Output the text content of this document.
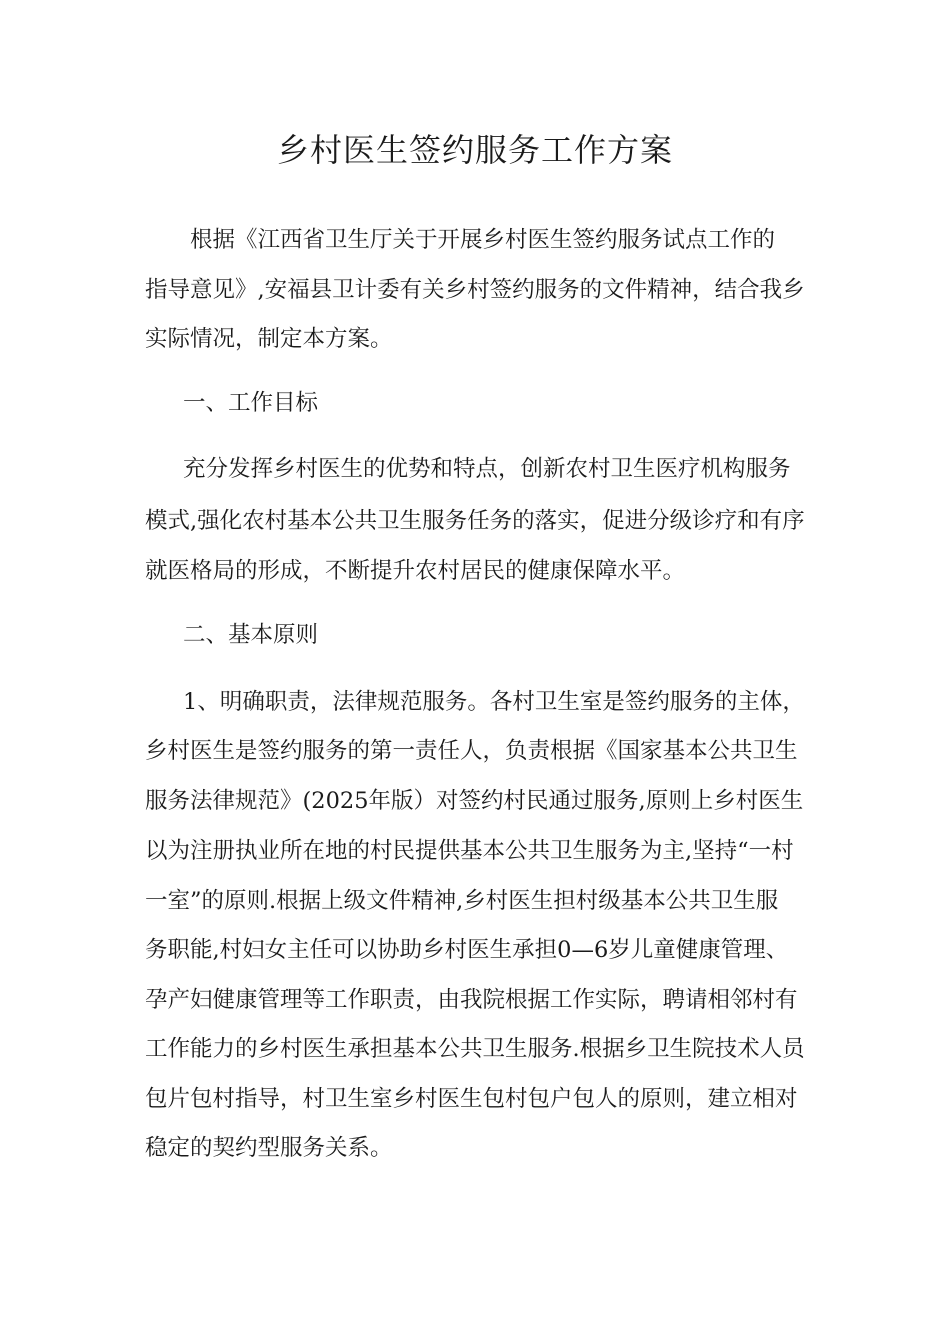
乡村医生签约服务工作方案
　　根据《江西省卫生厅关于开展乡村医生签约服务试点工作的
指导意见》,安福县卫计委有关乡村签约服务的文件精神，结合我乡
实际情况，制定本方案。
一、工作目标
充分发挥乡村医生的优势和特点，创新农村卫生医疗机构服务
模式,强化农村基本公共卫生服务任务的落实，促进分级诊疗和有序
就医格局的形成，不断提升农村居民的健康保障水平。
二、基本原则
1、明确职责，法律规范服务。各村卫生室是签约服务的主体，
乡村医生是签约服务的第一责任人，负责根据《国家基本公共卫生
服务法律规范》(2025年版）对签约村民通过服务,原则上乡村医生
以为注册执业所在地的村民提供基本公共卫生服务为主,坚持“一村
一室”的原则.根据上级文件精神,乡村医生担村级基本公共卫生服
务职能,村妇女主任可以协助乡村医生承担0—6岁儿童健康管理、
孕产妇健康管理等工作职责，由我院根据工作实际，聘请相邻村有
工作能力的乡村医生承担基本公共卫生服务.根据乡卫生院技术人员
包片包村指导，村卫生室乡村医生包村包户包人的原则，建立相对
稳定的契约型服务关系。
